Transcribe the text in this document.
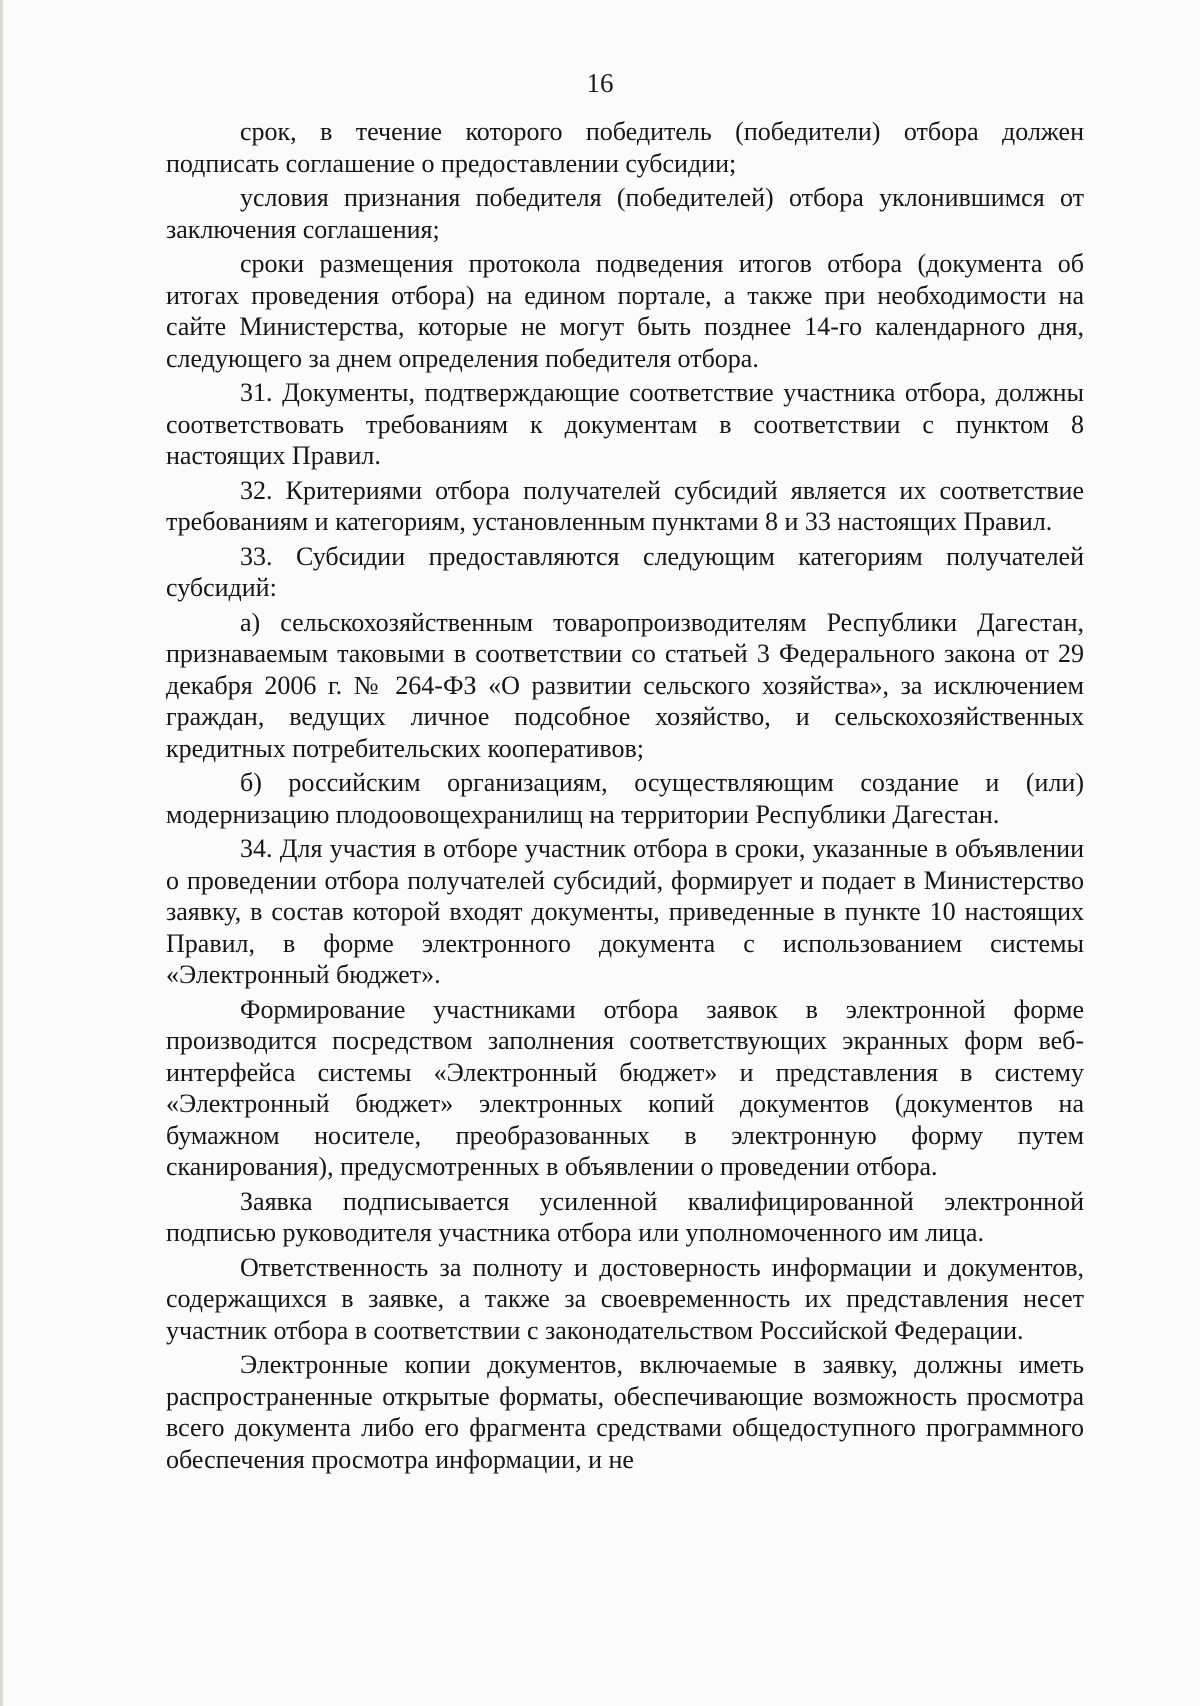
16

срок, в течение которого победитель (победители) отбора должен подписать соглашение о предоставлении субсидии;

условия признания победителя (победителей) отбора уклонившимся от заключения соглашения;

сроки размещения протокола подведения итогов отбора (документа об итогах проведения отбора) на едином портале, а также при необходимости на сайте Министерства, которые не могут быть позднее 14-го календарного дня, следующего за днем определения победителя отбора.

31. Документы, подтверждающие соответствие участника отбора, должны соответствовать требованиям к документам в соответствии с пунктом 8 настоящих Правил.

32. Критериями отбора получателей субсидий является их соответствие требованиям и категориям, установленным пунктами 8 и 33 настоящих Правил.

33. Субсидии предоставляются следующим категориям получателей субсидий:

а) сельскохозяйственным товаропроизводителям Республики Дагестан, признаваемым таковыми в соответствии со статьей 3 Федерального закона от 29 декабря 2006 г. № 264-ФЗ «О развитии сельского хозяйства», за исключением граждан, ведущих личное подсобное хозяйство, и сельскохозяйственных кредитных потребительских кооперативов;

б) российским организациям, осуществляющим создание и (или) модернизацию плодоовощехранилищ на территории Республики Дагестан.

34. Для участия в отборе участник отбора в сроки, указанные в объявлении о проведении отбора получателей субсидий, формирует и подает в Министерство заявку, в состав которой входят документы, приведенные в пункте 10 настоящих Правил, в форме электронного документа с использованием системы «Электронный бюджет».

Формирование участниками отбора заявок в электронной форме производится посредством заполнения соответствующих экранных форм веб-интерфейса системы «Электронный бюджет» и представления в систему «Электронный бюджет» электронных копий документов (документов на бумажном носителе, преобразованных в электронную форму путем сканирования), предусмотренных в объявлении о проведении отбора.

Заявка подписывается усиленной квалифицированной электронной подписью руководителя участника отбора или уполномоченного им лица.

Ответственность за полноту и достоверность информации и документов, содержащихся в заявке, а также за своевременность их представления несет участник отбора в соответствии с законодательством Российской Федерации.

Электронные копии документов, включаемые в заявку, должны иметь распространенные открытые форматы, обеспечивающие возможность просмотра всего документа либо его фрагмента средствами общедоступного программного обеспечения просмотра информации, и не
